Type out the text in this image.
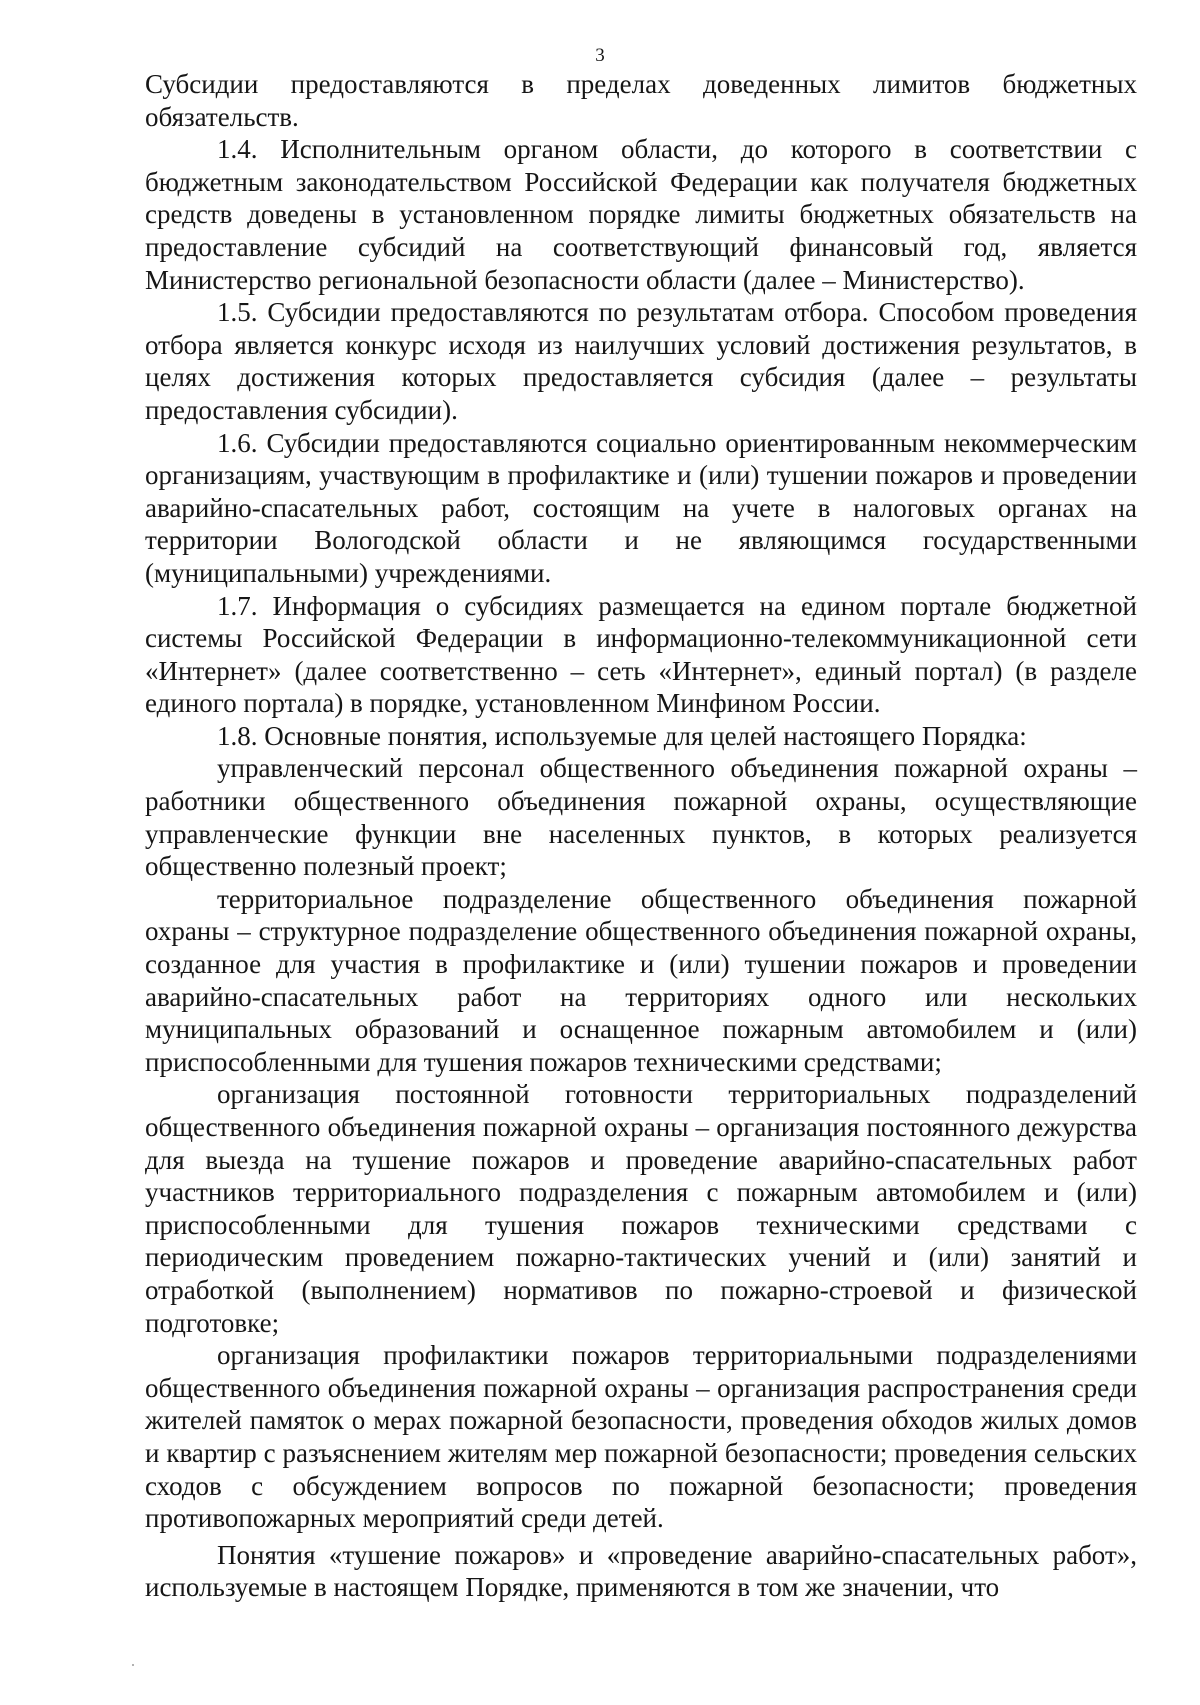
3

Субсидии предоставляются в пределах доведенных лимитов бюджетных обязательств.

1.4. Исполнительным органом области, до которого в соответствии с бюджетным законодательством Российской Федерации как получателя бюджетных средств доведены в установленном порядке лимиты бюджетных обязательств на предоставление субсидий на соответствующий финансовый год, является Министерство региональной безопасности области (далее – Министерство).

1.5. Субсидии предоставляются по результатам отбора. Способом проведения отбора является конкурс исходя из наилучших условий достижения результатов, в целях достижения которых предоставляется субсидия (далее – результаты предоставления субсидии).

1.6. Субсидии предоставляются социально ориентированным некоммерческим организациям, участвующим в профилактике и (или) тушении пожаров и проведении аварийно-спасательных работ, состоящим на учете в налоговых органах на территории Вологодской области и не являющимся государственными (муниципальными) учреждениями.

1.7. Информация о субсидиях размещается на едином портале бюджетной системы Российской Федерации в информационно-телекоммуникационной сети «Интернет» (далее соответственно – сеть «Интернет», единый портал) (в разделе единого портала) в порядке, установленном Минфином России.

1.8. Основные понятия, используемые для целей настоящего Порядка:

управленческий персонал общественного объединения пожарной охраны – работники общественного объединения пожарной охраны, осуществляющие управленческие функции вне населенных пунктов, в которых реализуется общественно полезный проект;

территориальное подразделение общественного объединения пожарной охраны – структурное подразделение общественного объединения пожарной охраны, созданное для участия в профилактике и (или) тушении пожаров и проведении аварийно-спасательных работ на территориях одного или нескольких муниципальных образований и оснащенное пожарным автомобилем и (или) приспособленными для тушения пожаров техническими средствами;

организация постоянной готовности территориальных подразделений общественного объединения пожарной охраны – организация постоянного дежурства для выезда на тушение пожаров и проведение аварийно-спасательных работ участников территориального подразделения с пожарным автомобилем и (или) приспособленными для тушения пожаров техническими средствами с периодическим проведением пожарно-тактических учений и (или) занятий и отработкой (выполнением) нормативов по пожарно-строевой и физической подготовке;

организация профилактики пожаров территориальными подразделениями общественного объединения пожарной охраны – организация распространения среди жителей памяток о мерах пожарной безопасности, проведения обходов жилых домов и квартир с разъяснением жителям мер пожарной безопасности; проведения сельских сходов с обсуждением вопросов по пожарной безопасности; проведения противопожарных мероприятий среди детей.

Понятия «тушение пожаров» и «проведение аварийно-спасательных работ», используемые в настоящем Порядке, применяются в том же значении, что
